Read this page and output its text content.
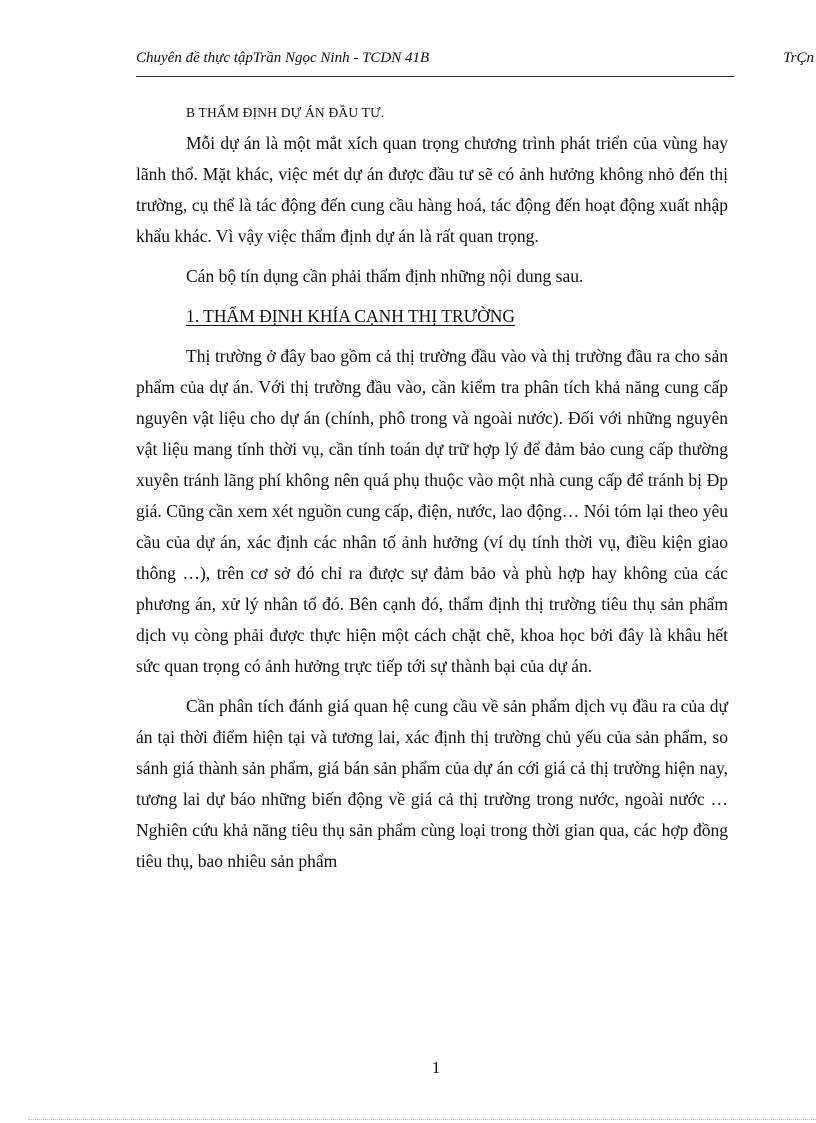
Chuyên đề thực tậpTrần Ngọc Ninh - TCDN 41B	TrÇn
B THẨM ĐỊNH DỰ ÁN ĐẦU TƯ.

Mỗi dự án là một mắt xích quan trọng chương trình phát triển của vùng hay lãnh thổ. Mặt khác, việc mét dự án được đầu tư sẽ có ảnh hưởng không nhỏ đến thị trường, cụ thể là tác động đến cung cầu hàng hoá, tác động đến hoạt động xuất nhập khẩu khác. Vì vậy việc thẩm định dự án là rất quan trọng.

Cán bộ tín dụng cần phải thẩm định những nội dung sau.

1. THẨM ĐỊNH KHÍA CẠNH THỊ TRƯỜNG

Thị trường ở đây bao gồm cả thị trường đầu vào và thị trường đầu ra cho sản phẩm của dự án. Với thị trường đầu vào, cần kiểm tra phân tích khả năng cung cấp nguyên vật liệu cho dự án (chính, phô trong và ngoài nước). Đối với những nguyên vật liệu mang tính thời vụ, cần tính toán dự trữ hợp lý để đảm bảo cung cấp thường xuyên tránh lãng phí không nên quá phụ thuộc vào một nhà cung cấp để tránh bị Ðp giá. Cũng cần xem xét nguồn cung cấp, điện, nước, lao động… Nói tóm lại theo yêu cầu của dự án, xác định các nhân tố ảnh hưởng (ví dụ tính thời vụ, điều kiện giao thông …), trên cơ sở đó chỉ ra được sự đảm bảo và phù hợp hay không của các phương án, xử lý nhân tố đó. Bên cạnh đó, thẩm định thị trường tiêu thụ sản phẩm dịch vụ còng phải được thực hiện một cách chặt chẽ, khoa học bởi đây là khâu hết sức quan trọng có ảnh hưởng trực tiếp tới sự thành bại của dự án.

Cần phân tích đánh giá quan hệ cung cầu về sản phẩm dịch vụ đầu ra của dự án tại thời điểm hiện tại và tương lai, xác định thị trường chủ yếu của sản phẩm, so sánh giá thành sản phẩm, giá bán sản phẩm của dự án cới giá cả thị trường hiện nay, tương lai dự báo những biến động về giá cả thị trường trong nước, ngoài nước … Nghiên cứu khả năng tiêu thụ sản phẩm cùng loại trong thời gian qua, các hợp đồng tiêu thụ, bao nhiêu sản phẩm

1
